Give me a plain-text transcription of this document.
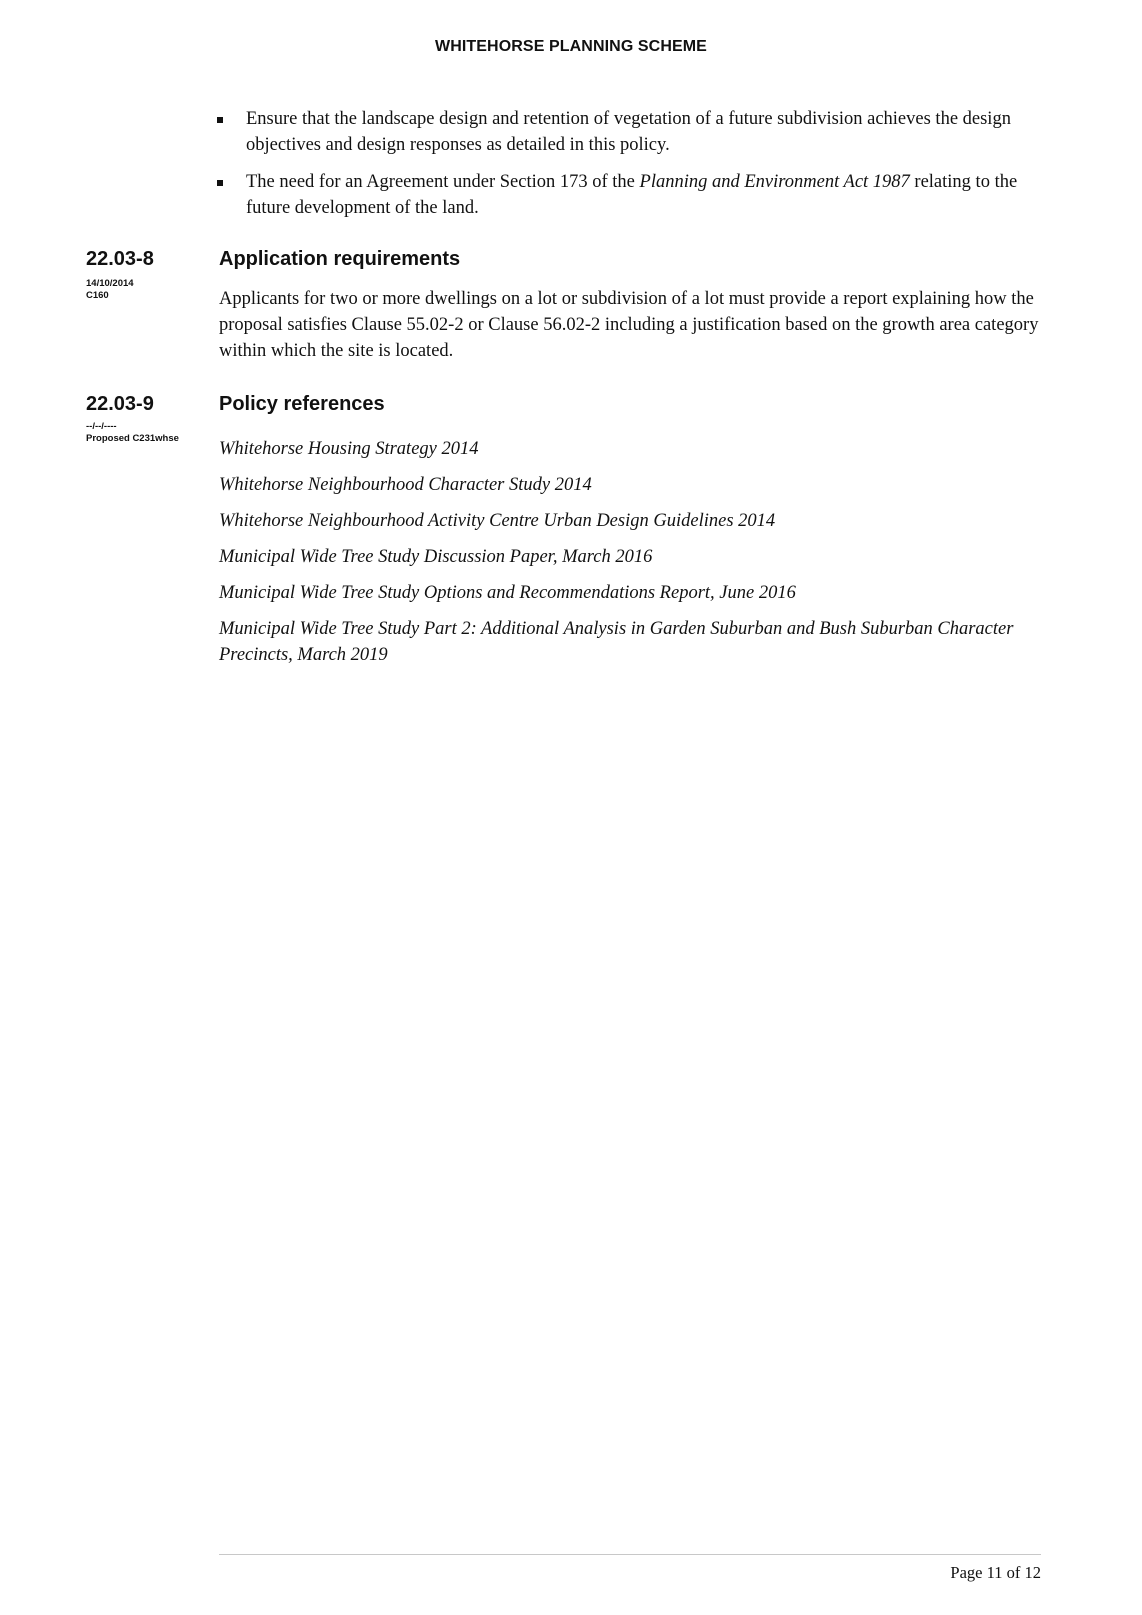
WHITEHORSE PLANNING SCHEME
Ensure that the landscape design and retention of vegetation of a future subdivision achieves the design objectives and design responses as detailed in this policy.
The need for an Agreement under Section 173 of the Planning and Environment Act 1987 relating to the future development of the land.
22.03-8
14/10/2014
C160
Application requirements
Applicants for two or more dwellings on a lot or subdivision of a lot must provide a report explaining how the proposal satisfies Clause 55.02-2 or Clause 56.02-2 including a justification based on the growth area category within which the site is located.
22.03-9
--/--/----
Proposed C231whse
Policy references
Whitehorse Housing Strategy 2014
Whitehorse Neighbourhood Character Study 2014
Whitehorse Neighbourhood Activity Centre Urban Design Guidelines 2014
Municipal Wide Tree Study Discussion Paper, March 2016
Municipal Wide Tree Study Options and Recommendations Report, June 2016
Municipal Wide Tree Study Part 2: Additional Analysis in Garden Suburban and Bush Suburban Character Precincts, March 2019
Page 11 of 12
